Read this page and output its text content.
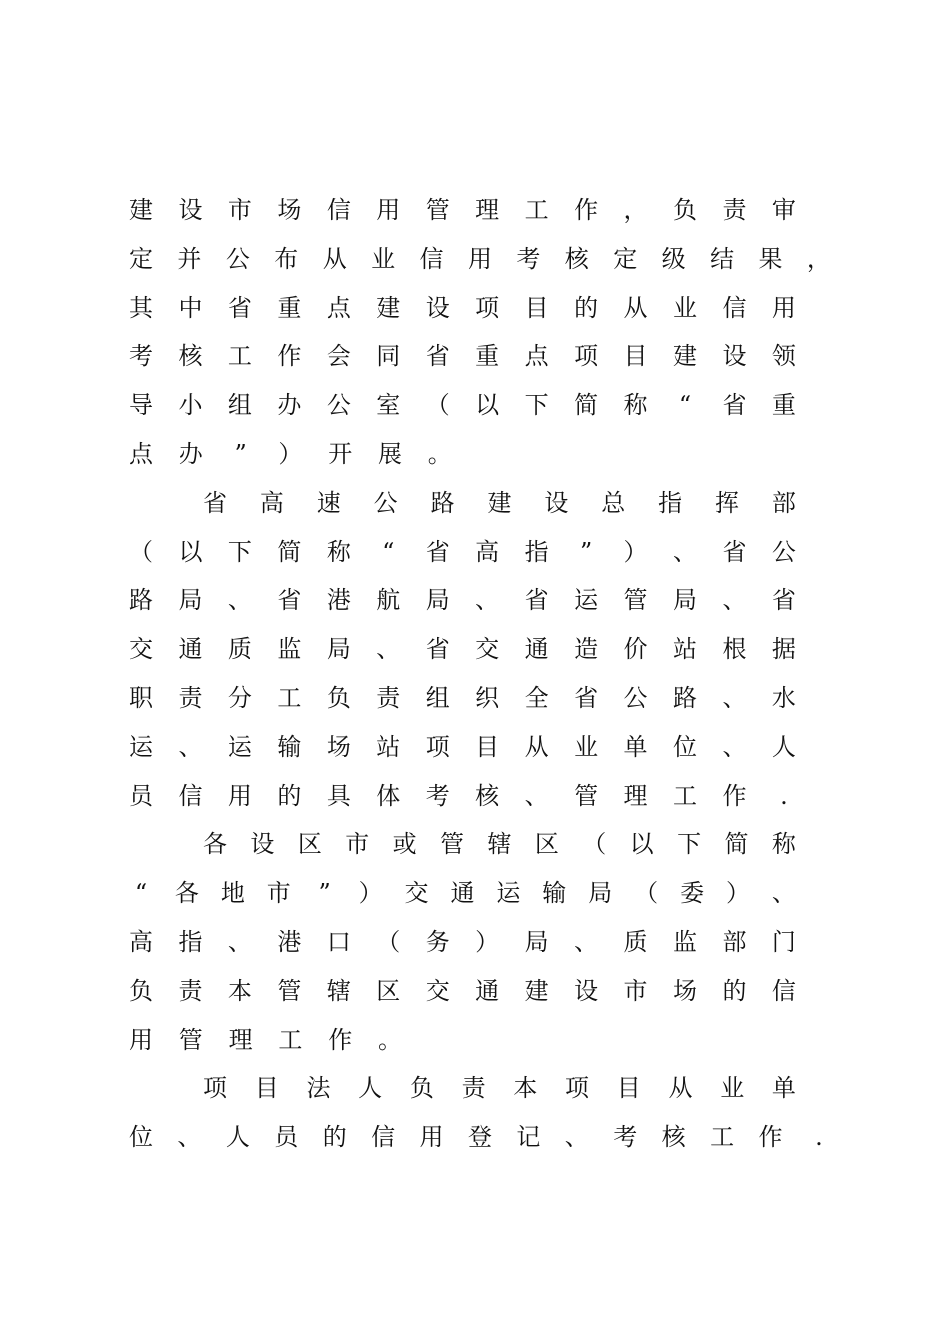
建 设 市 场 信 用 管 理 工 作 ， 负 责 审
定 并 公 布 从 业 信 用 考 核 定 级 结 果 ，
其 中 省 重 点 建 设 项 目 的 从 业 信 用
考 核 工 作 会 同 省 重 点 项 目 建 设 领
导 小 组 办 公 室 （ 以 下 简 称 “ 省 重
点 办 ” ） 开 展 。
省 高 速 公 路 建 设 总 指 挥 部
（ 以 下 简 称 “ 省 高 指 ” ） 、 省 公
路 局 、 省 港 航 局 、 省 运 管 局 、 省
交 通 质 监 局 、 省 交 通 造 价 站 根 据
职 责 分 工 负 责 组 织 全 省 公 路 、 水
运 、 运 输 场 站 项 目 从 业 单 位 、 人
员 信 用 的 具 体 考 核 、 管 理 工 作	.
各 设 区 市 或 管 辖 区 （ 以 下 简 称
“ 各 地 市 ” ） 交 通 运 输 局 （ 委 ） 、
高 指 、 港 口 （ 务 ） 局 、 质 监 部 门
负 责 本 管 辖 区 交 通 建 设 市 场 的 信
用 管 理 工 作 。
项 目 法 人 负 责 本 项 目 从 业 单
位 、 人 员 的 信 用 登 记 、 考 核 工 作	.
